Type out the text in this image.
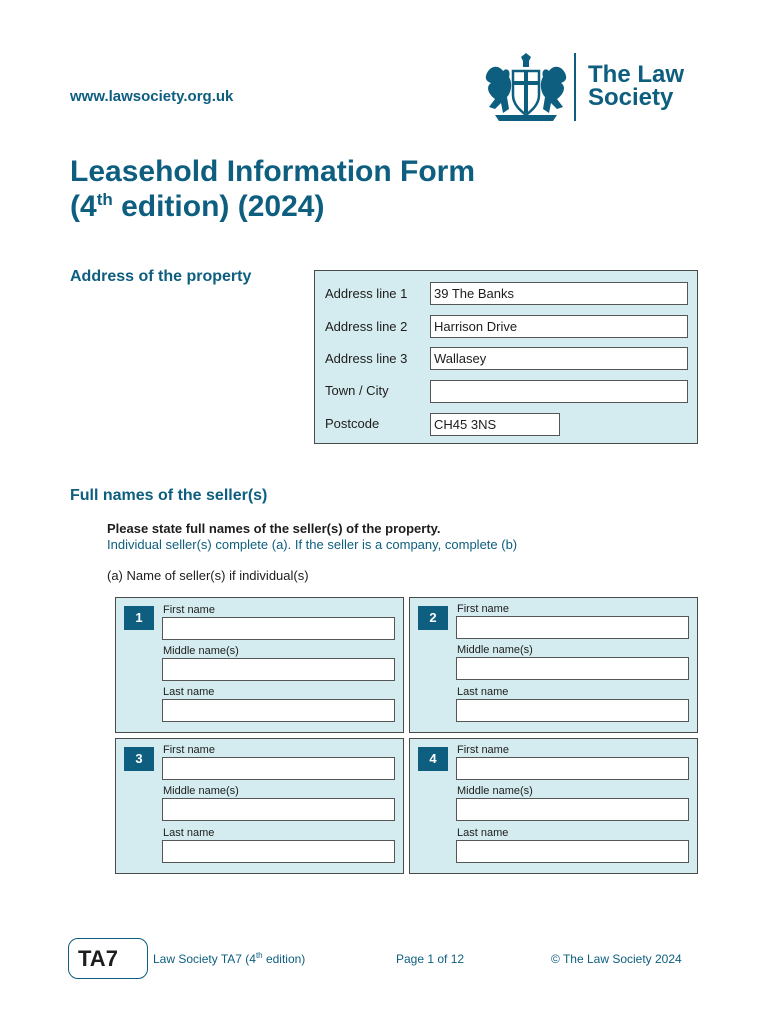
www.lawsociety.org.uk
The Law
Society
Leasehold Information Form
(4th edition) (2024)
Address of the property
Address line 1	39 The Banks
Address line 2	Harrison Drive
Address line 3	Wallasey
Town / City
Postcode	CH45 3NS
Full names of the seller(s)
Please state full names of the seller(s) of the property.
Individual seller(s) complete (a). If the seller is a company, complete (b)
(a) Name of seller(s) if individual(s)
1	First name
Middle name(s)
Last name
2
First name
Middle name(s)
Last name
3
First name
Middle name(s)
Last name
4
First name
Middle name(s)
Last name
TA7	Law Society TA7 (4th edition)	Page 1 of 12	© The Law Society 2024
